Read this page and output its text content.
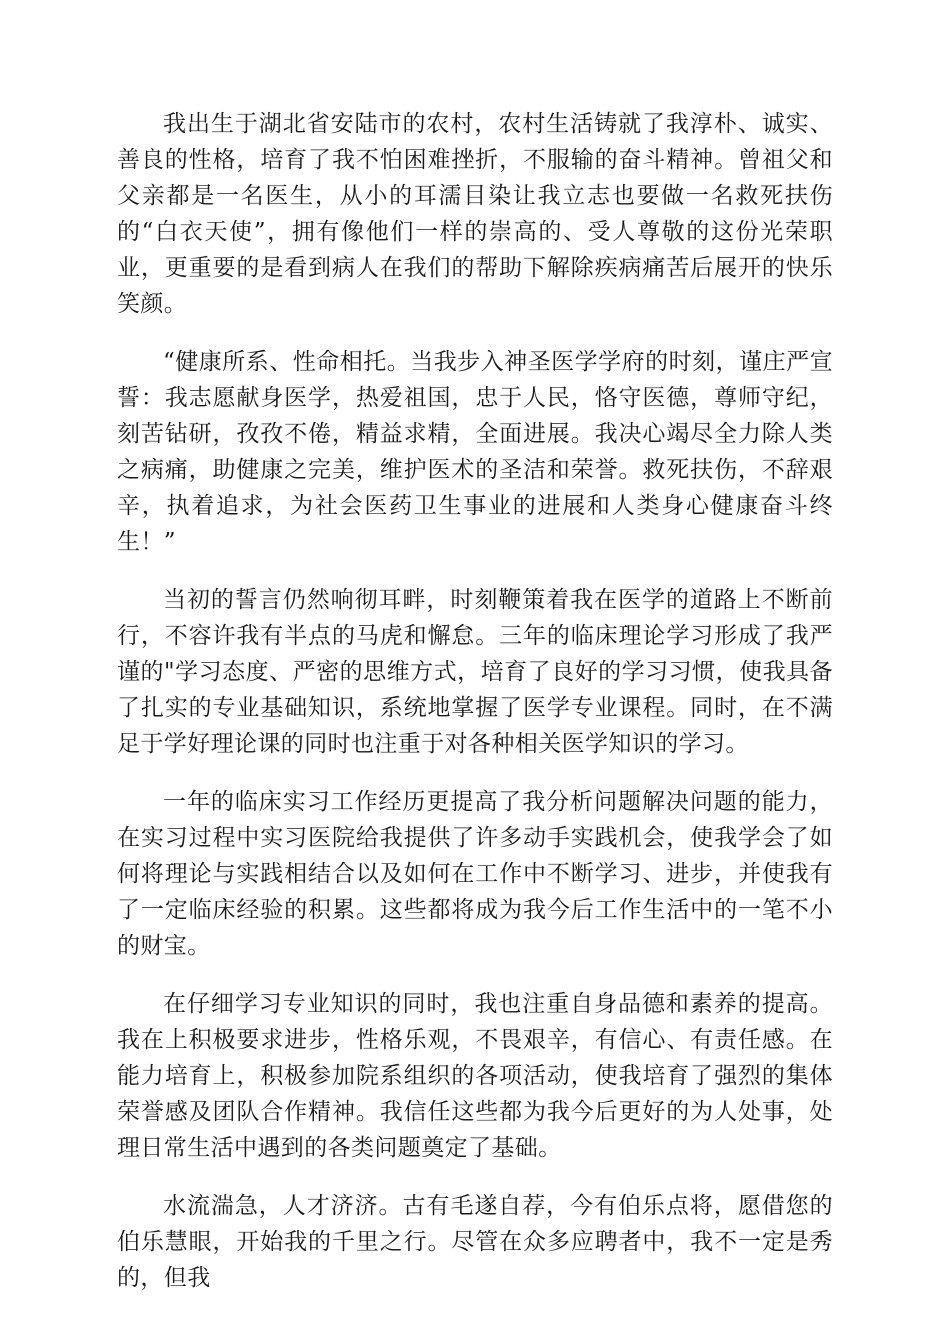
我出生于湖北省安陆市的农村，农村生活铸就了我淳朴、诚实、善良的性格，培育了我不怕困难挫折，不服输的奋斗精神。曾祖父和父亲都是一名医生，从小的耳濡目染让我立志也要做一名救死扶伤的“白衣天使”，拥有像他们一样的崇高的、受人尊敬的这份光荣职业，更重要的是看到病人在我们的帮助下解除疾病痛苦后展开的快乐笑颜。

“健康所系、性命相托。当我步入神圣医学学府的时刻，谨庄严宣誓：我志愿献身医学，热爱祖国，忠于人民，恪守医德，尊师守纪，刻苦钻研，孜孜不倦，精益求精，全面进展。我决心竭尽全力除人类之病痛，助健康之完美，维护医术的圣洁和荣誉。救死扶伤，不辞艰辛，执着追求，为社会医药卫生事业的进展和人类身心健康奋斗终生！”

当初的誓言仍然响彻耳畔，时刻鞭策着我在医学的道路上不断前行，不容许我有半点的马虎和懈怠。三年的临床理论学习形成了我严谨的"学习态度、严密的思维方式，培育了良好的学习习惯，使我具备了扎实的专业基础知识，系统地掌握了医学专业课程。同时，在不满足于学好理论课的同时也注重于对各种相关医学知识的学习。

一年的临床实习工作经历更提高了我分析问题解决问题的能力，在实习过程中实习医院给我提供了许多动手实践机会，使我学会了如何将理论与实践相结合以及如何在工作中不断学习、进步，并使我有了一定临床经验的积累。这些都将成为我今后工作生活中的一笔不小的财宝。

在仔细学习专业知识的同时，我也注重自身品德和素养的提高。我在上积极要求进步，性格乐观，不畏艰辛，有信心、有责任感。在能力培育上，积极参加院系组织的各项活动，使我培育了强烈的集体荣誉感及团队合作精神。我信任这些都为我今后更好的为人处事，处理日常生活中遇到的各类问题奠定了基础。

水流湍急，人才济济。古有毛遂自荐，今有伯乐点将，愿借您的伯乐慧眼，开始我的千里之行。尽管在众多应聘者中，我不一定是秀的，但我
